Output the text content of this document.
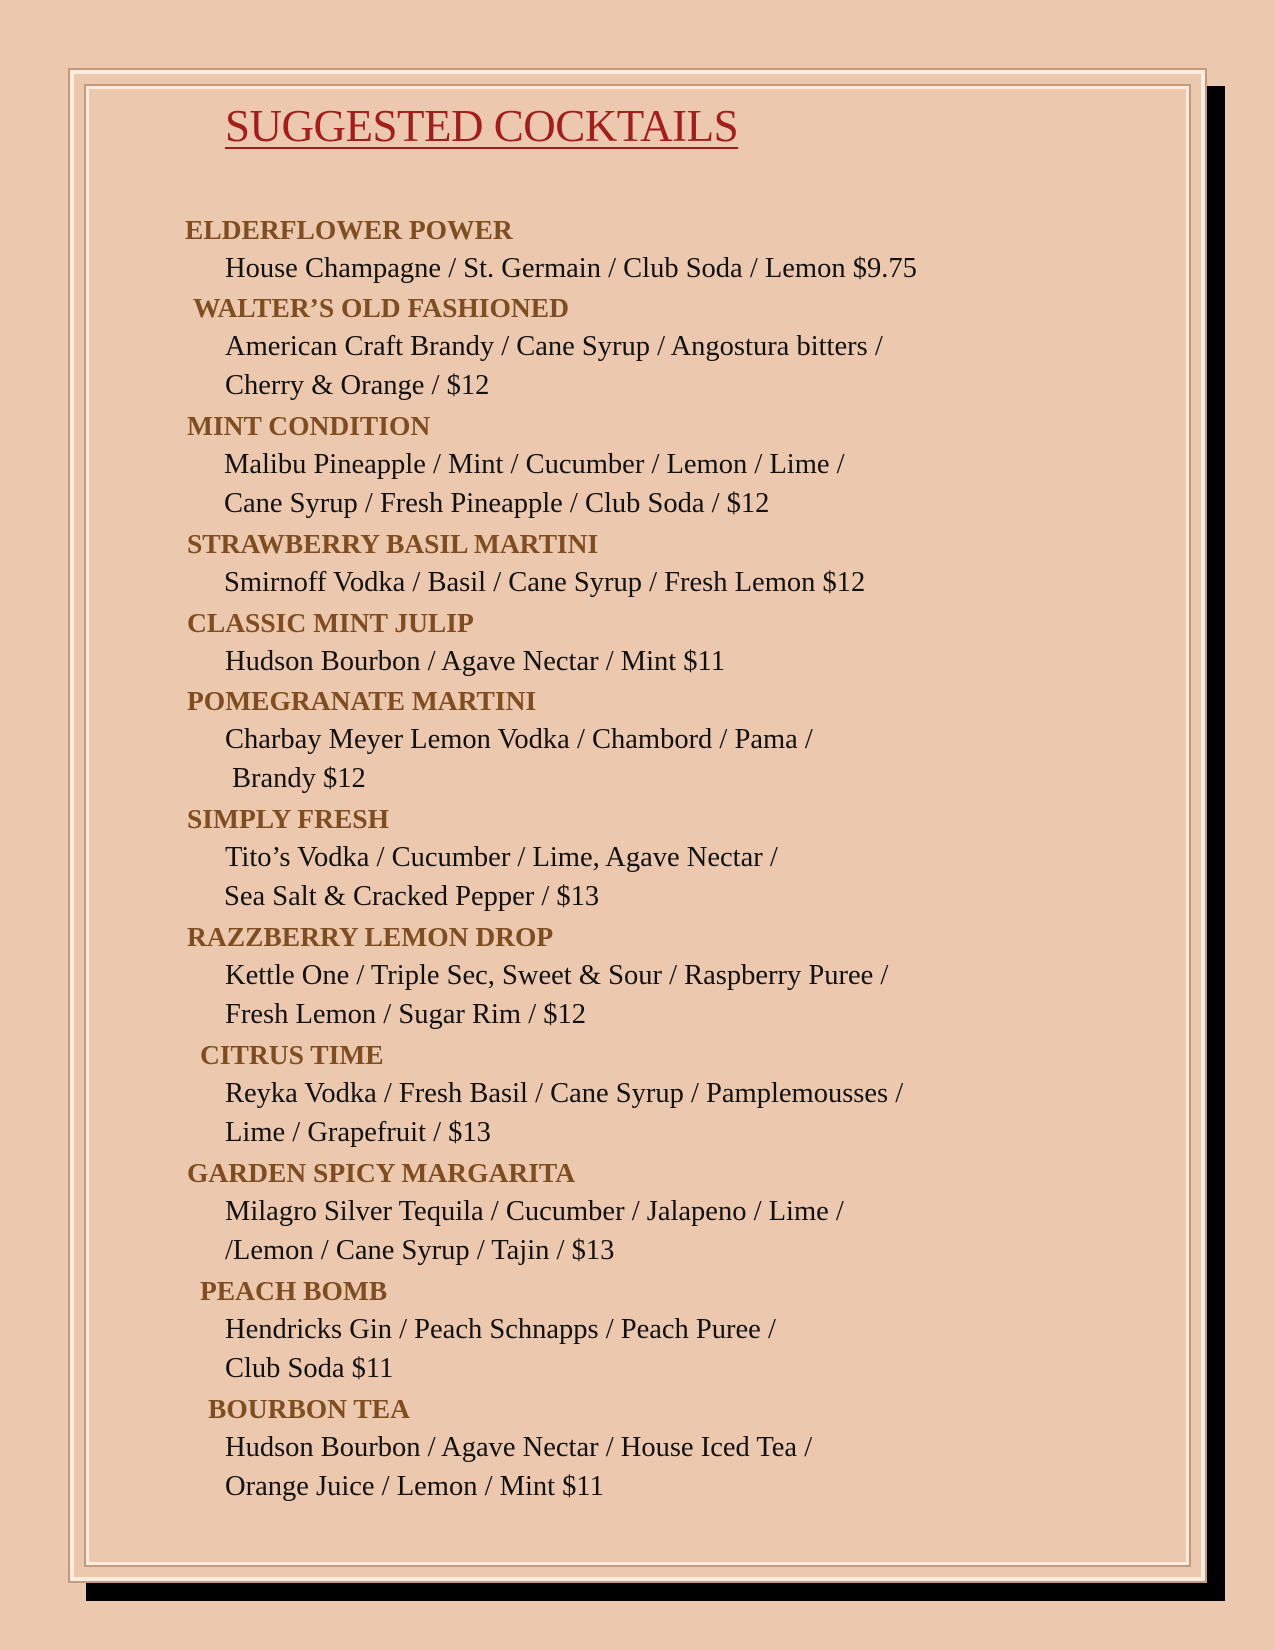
SUGGESTED COCKTAILS
ELDERFLOWER POWER
House Champagne / St. Germain / Club Soda / Lemon $9.75
WALTER’S OLD FASHIONED
American Craft Brandy / Cane Syrup / Angostura bitters /
Cherry & Orange / $12
MINT CONDITION
Malibu Pineapple / Mint / Cucumber / Lemon / Lime /
Cane Syrup / Fresh Pineapple / Club Soda / $12
STRAWBERRY BASIL MARTINI
Smirnoff Vodka / Basil / Cane Syrup / Fresh Lemon $12
CLASSIC MINT JULIP
Hudson Bourbon / Agave Nectar / Mint $11
POMEGRANATE MARTINI
Charbay Meyer Lemon Vodka / Chambord / Pama /
Brandy $12
SIMPLY FRESH
Tito’s Vodka / Cucumber / Lime, Agave Nectar /
Sea Salt & Cracked Pepper / $13
RAZZBERRY LEMON DROP
Kettle One / Triple Sec, Sweet & Sour / Raspberry Puree /
Fresh Lemon / Sugar Rim / $12
CITRUS TIME
Reyka Vodka / Fresh Basil / Cane Syrup / Pamplemousses /
Lime / Grapefruit / $13
GARDEN SPICY MARGARITA
Milagro Silver Tequila / Cucumber / Jalapeno / Lime /
/Lemon / Cane Syrup / Tajin / $13
PEACH BOMB
Hendricks Gin / Peach Schnapps / Peach Puree /
Club Soda $11
BOURBON TEA
Hudson Bourbon / Agave Nectar / House Iced Tea /
Orange Juice / Lemon / Mint $11
